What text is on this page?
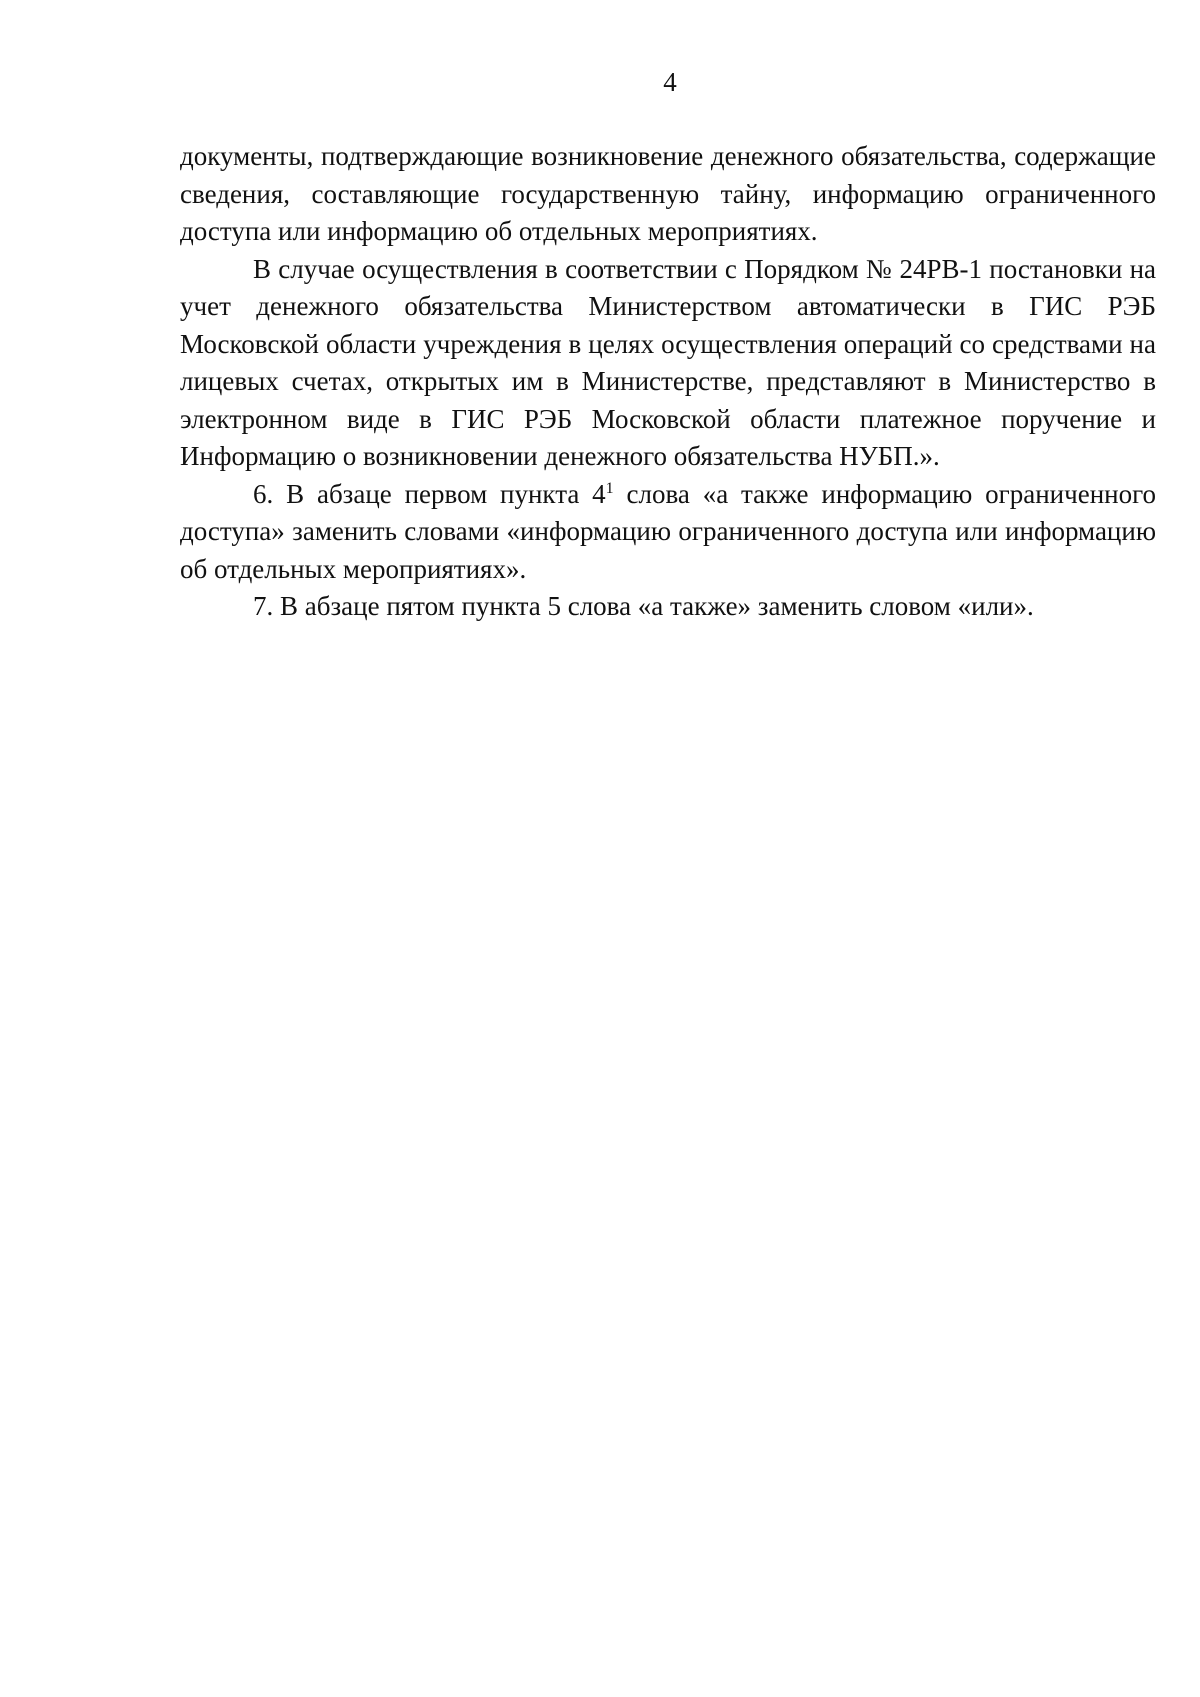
4

документы, подтверждающие возникновение денежного обязательства, содержащие сведения, составляющие государственную тайну, информацию ограниченного доступа или информацию об отдельных мероприятиях.

В случае осуществления в соответствии с Порядком № 24РВ-1 постановки на учет денежного обязательства Министерством автоматически в ГИС РЭБ Московской области учреждения в целях осуществления операций со средствами на лицевых счетах, открытых им в Министерстве, представляют в Министерство в электронном виде в ГИС РЭБ Московской области платежное поручение и Информацию о возникновении денежного обязательства НУБП.».

6. В абзаце первом пункта $4^1$ слова «а также информацию ограниченного доступа» заменить словами «информацию ограниченного доступа или информацию об отдельных мероприятиях».

7. В абзаце пятом пункта 5 слова «а также» заменить словом «или».
